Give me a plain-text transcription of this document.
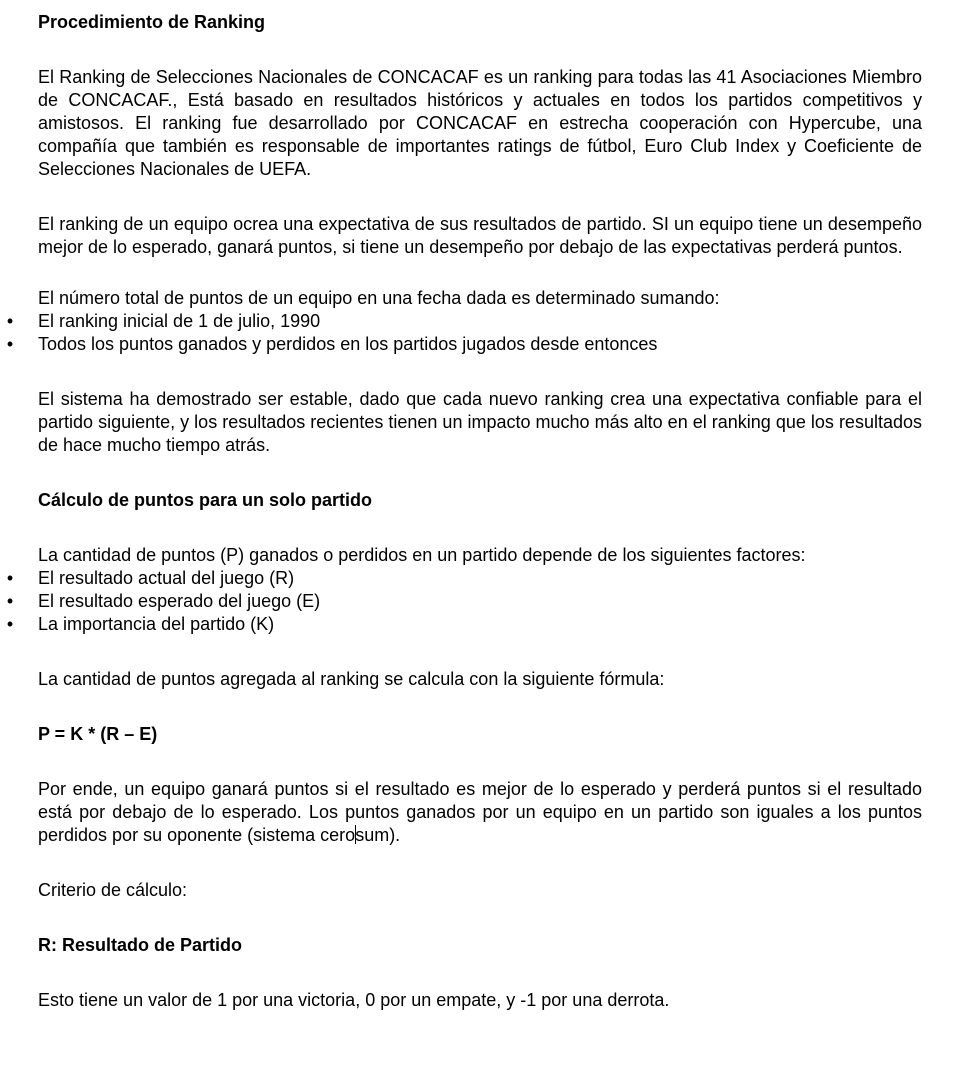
Procedimiento de Ranking

El Ranking de Selecciones Nacionales de CONCACAF es un ranking para todas las 41 Asociaciones Miembro de CONCACAF., Está basado en resultados históricos y actuales en todos los partidos competitivos y amistosos. El ranking fue desarrollado por CONCACAF en estrecha cooperación con Hypercube, una compañía que también es responsable de importantes ratings de fútbol, Euro Club Index y Coeficiente de Selecciones Nacionales de UEFA.

El ranking de un equipo ocrea una expectativa de sus resultados de partido. SI un equipo tiene un desempeño mejor de lo esperado, ganará puntos, si tiene un desempeño por debajo de las expectativas perderá puntos.

El número total de puntos de un equipo en una fecha dada es determinado sumando:

• El ranking inicial de 1 de julio, 1990
• Todos los puntos ganados y perdidos en los partidos jugados desde entonces

El sistema ha demostrado ser estable, dado que cada nuevo ranking crea una expectativa confiable para el partido siguiente, y los resultados recientes tienen un impacto mucho más alto en el ranking que los resultados de hace mucho tiempo atrás.

Cálculo de puntos para un solo partido

La cantidad de puntos (P) ganados o perdidos en un partido depende de los siguientes factores:

• El resultado actual del juego (R)
• El resultado esperado del juego (E)
• La importancia del partido (K)

La cantidad de puntos agregada al ranking se calcula con la siguiente fórmula:

P = K * (R – E)

Por ende, un equipo ganará puntos si el resultado es mejor de lo esperado y perderá puntos si el resultado está por debajo de lo esperado. Los puntos ganados por un equipo en un partido son iguales a los puntos perdidos por su oponente (sistema cerosum).

Criterio de cálculo:

R: Resultado de Partido

Esto tiene un valor de 1 por una victoria, 0 por un empate, y -1 por una derrota.
